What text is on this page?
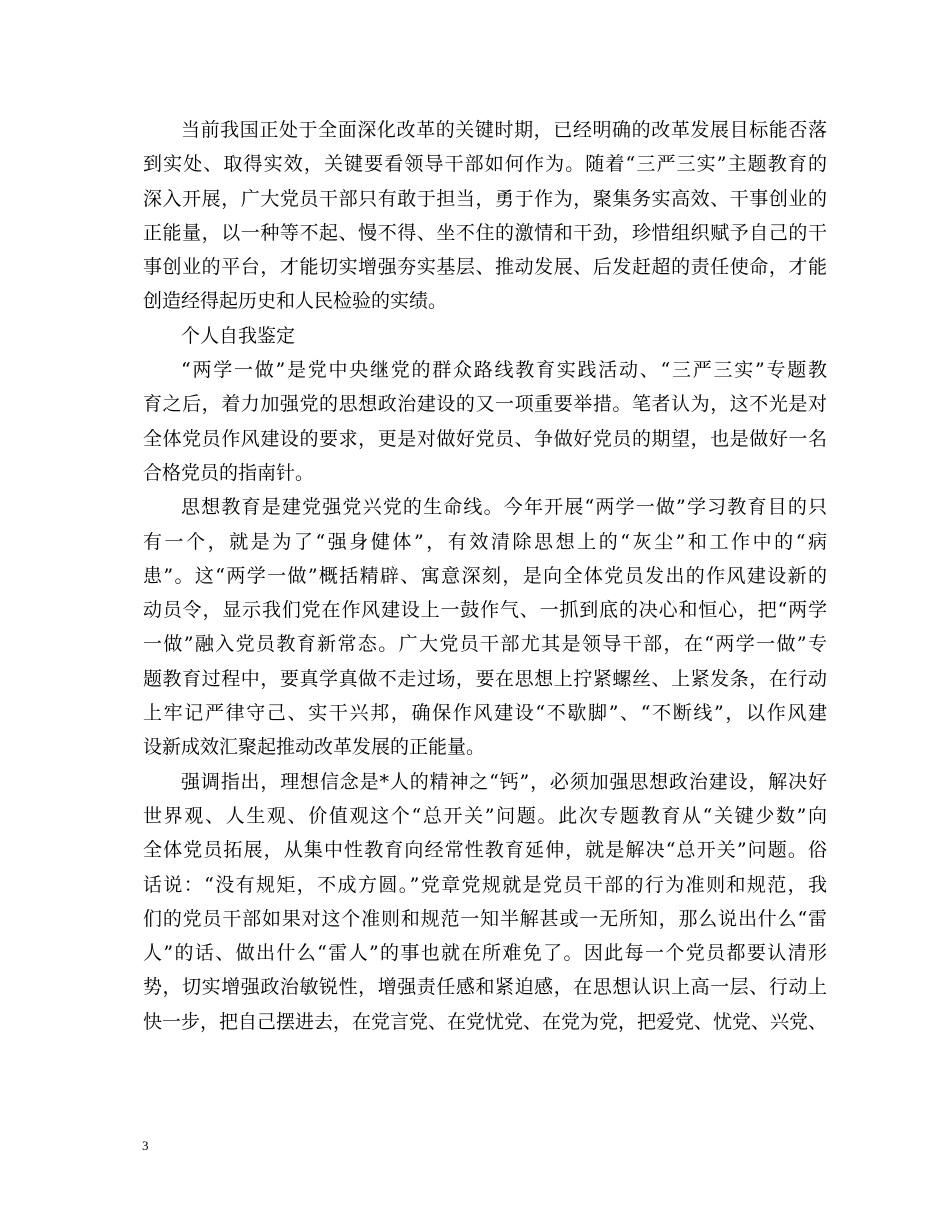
当前我国正处于全面深化改革的关键时期，已经明确的改革发展目标能否落
到实处、取得实效，关键要看领导干部如何作为。随着“三严三实”主题教育的
深入开展，广大党员干部只有敢于担当，勇于作为，聚集务实高效、干事创业的
正能量，以一种等不起、慢不得、坐不住的激情和干劲，珍惜组织赋予自己的干
事创业的平台，才能切实增强夯实基层、推动发展、后发赶超的责任使命，才能
创造经得起历史和人民检验的实绩。
个人自我鉴定
“两学一做”是党中央继党的群众路线教育实践活动、“三严三实”专题教
育之后，着力加强党的思想政治建设的又一项重要举措。笔者认为，这不光是对
全体党员作风建设的要求，更是对做好党员、争做好党员的期望，也是做好一名
合格党员的指南针。
思想教育是建党强党兴党的生命线。今年开展“两学一做”学习教育目的只
有一个，就是为了“强身健体”，有效清除思想上的“灰尘”和工作中的“病
患”。这“两学一做”概括精辟、寓意深刻，是向全体党员发出的作风建设新的
动员令，显示我们党在作风建设上一鼓作气、一抓到底的决心和恒心，把“两学
一做”融入党员教育新常态。广大党员干部尤其是领导干部，在“两学一做”专
题教育过程中，要真学真做不走过场，要在思想上拧紧螺丝、上紧发条，在行动
上牢记严律守己、实干兴邦，确保作风建设“不歇脚”、“不断线”，以作风建
设新成效汇聚起推动改革发展的正能量。
强调指出，理想信念是*人的精神之“钙”，必须加强思想政治建设，解决好
世界观、人生观、价值观这个“总开关”问题。此次专题教育从“关键少数”向
全体党员拓展，从集中性教育向经常性教育延伸，就是解决“总开关”问题。俗
话说：“没有规矩，不成方圆。”党章党规就是党员干部的行为准则和规范，我
们的党员干部如果对这个准则和规范一知半解甚或一无所知，那么说出什么“雷
人”的话、做出什么“雷人”的事也就在所难免了。因此每一个党员都要认清形
势，切实增强政治敏锐性，增强责任感和紧迫感，在思想认识上高一层、行动上
快一步，把自己摆进去，在党言党、在党忧党、在党为党，把爱党、忧党、兴党、
3
